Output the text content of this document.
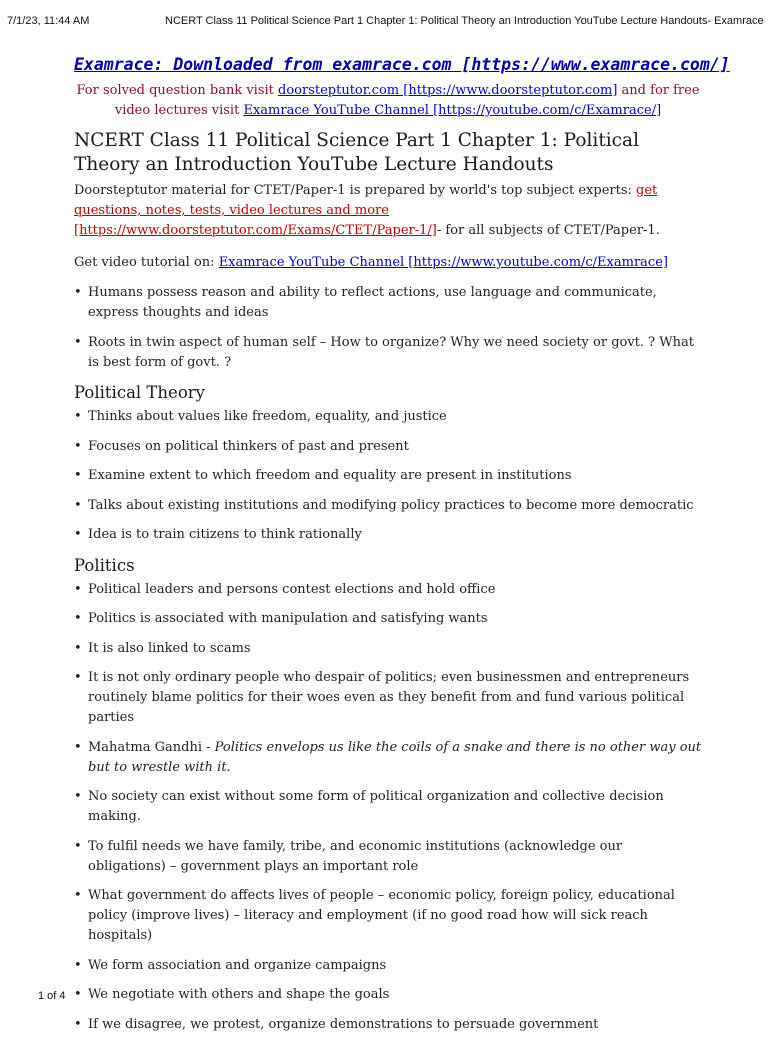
7/1/23, 11:44 AM	NCERT Class 11 Political Science Part 1 Chapter 1: Political Theory an Introduction YouTube Lecture Handouts- Examrace

Examrace: Downloaded from examrace.com [https://www.examrace.com/]

For solved question bank visit doorsteptutor.com [https://www.doorsteptutor.com] and for free video lectures visit Examrace YouTube Channel [https://youtube.com/c/Examrace/]
NCERT Class 11 Political Science Part 1 Chapter 1: Political Theory an Introduction YouTube Lecture Handouts

Doorsteptutor material for CTET/Paper-1 is prepared by world's top subject experts: get questions, notes, tests, video lectures and more [https://www.doorsteptutor.com/Exams/CTET/Paper-1/]- for all subjects of CTET/Paper-1.

Get video tutorial on: Examrace YouTube Channel [https://www.youtube.com/c/Examrace]

• Humans possess reason and ability to reflect actions, use language and communicate, express thoughts and ideas
• Roots in twin aspect of human self – How to organize? Why we need society or govt. ? What is best form of govt. ?
Political Theory
• Thinks about values like freedom, equality, and justice
• Focuses on political thinkers of past and present
• Examine extent to which freedom and equality are present in institutions
• Talks about existing institutions and modifying policy practices to become more democratic
• Idea is to train citizens to think rationally
Politics
• Political leaders and persons contest elections and hold office
• Politics is associated with manipulation and satisfying wants
• It is also linked to scams
• It is not only ordinary people who despair of politics; even businessmen and entrepreneurs routinely blame politics for their woes even as they benefit from and fund various political parties
• Mahatma Gandhi - Politics envelops us like the coils of a snake and there is no other way out but to wrestle with it.
• No society can exist without some form of political organization and collective decision making.
• To fulfil needs we have family, tribe, and economic institutions (acknowledge our obligations) – government plays an important role
• What government do affects lives of people – economic policy, foreign policy, educational policy (improve lives) – literacy and employment (if no good road how will sick reach hospitals)
• We form association and organize campaigns
• We negotiate with others and shape the goals
• If we disagree, we protest, organize demonstrations to persuade government
1 of 4
